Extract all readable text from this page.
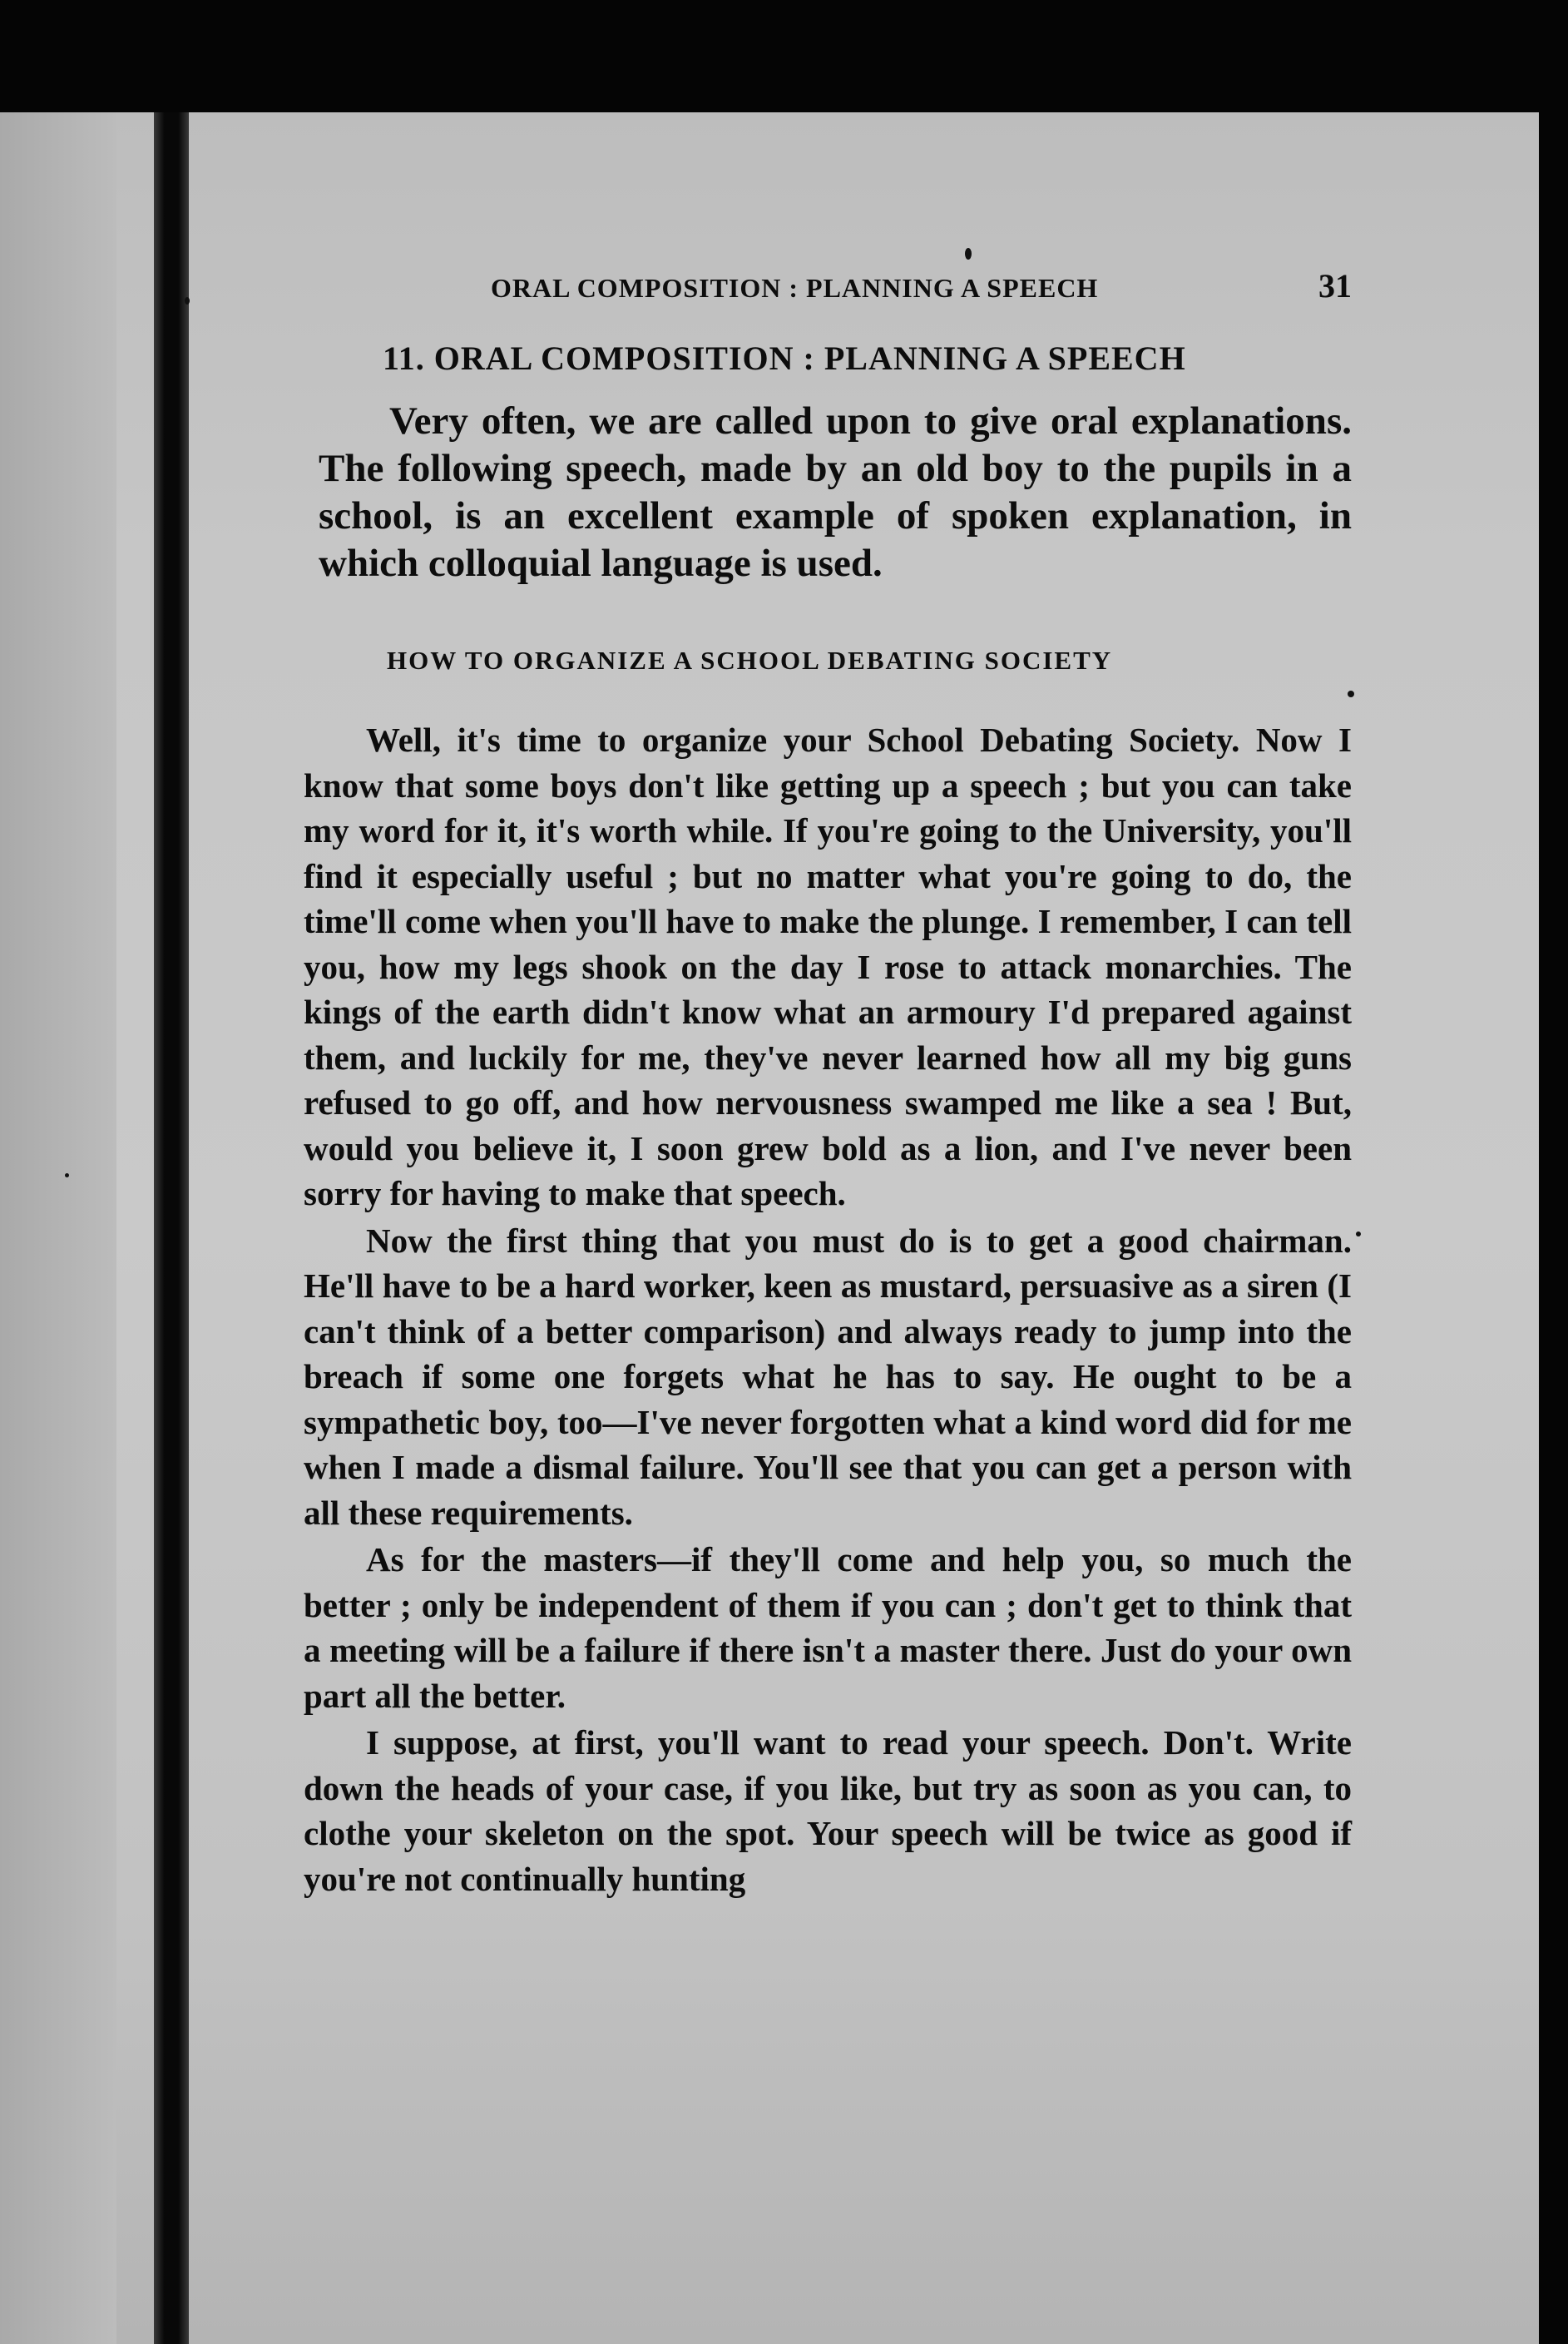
ORAL COMPOSITION : PLANNING A SPEECH	31
11. ORAL COMPOSITION : PLANNING A SPEECH

Very often, we are called upon to give oral explanations. The following speech, made by an old boy to the pupils in a school, is an excellent example of spoken explanation, in which colloquial language is used.

HOW TO ORGANIZE A SCHOOL DEBATING SOCIETY

Well, it's time to organize your School Debating Society. Now I know that some boys don't like getting up a speech ; but you can take my word for it, it's worth while. If you're going to the University, you'll find it especially useful ; but no matter what you're going to do, the time'll come when you'll have to make the plunge. I remember, I can tell you, how my legs shook on the day I rose to attack monarchies. The kings of the earth didn't know what an armoury I'd prepared against them, and luckily for me, they've never learned how all my big guns refused to go off, and how nervousness swamped me like a sea ! But, would you believe it, I soon grew bold as a lion, and I've never been sorry for having to make that speech.

Now the first thing that you must do is to get a good chairman. He'll have to be a hard worker, keen as mustard, persuasive as a siren (I can't think of a better comparison) and always ready to jump into the breach if some one forgets what he has to say. He ought to be a sympathetic boy, too—I've never forgotten what a kind word did for me when I made a dismal failure. You'll see that you can get a person with all these requirements.

As for the masters—if they'll come and help you, so much the better ; only be independent of them if you can ; don't get to think that a meeting will be a failure if there isn't a master there. Just do your own part all the better.

I suppose, at first, you'll want to read your speech. Don't. Write down the heads of your case, if you like, but try as soon as you can, to clothe your skeleton on the spot. Your speech will be twice as good if you're not continually hunting
